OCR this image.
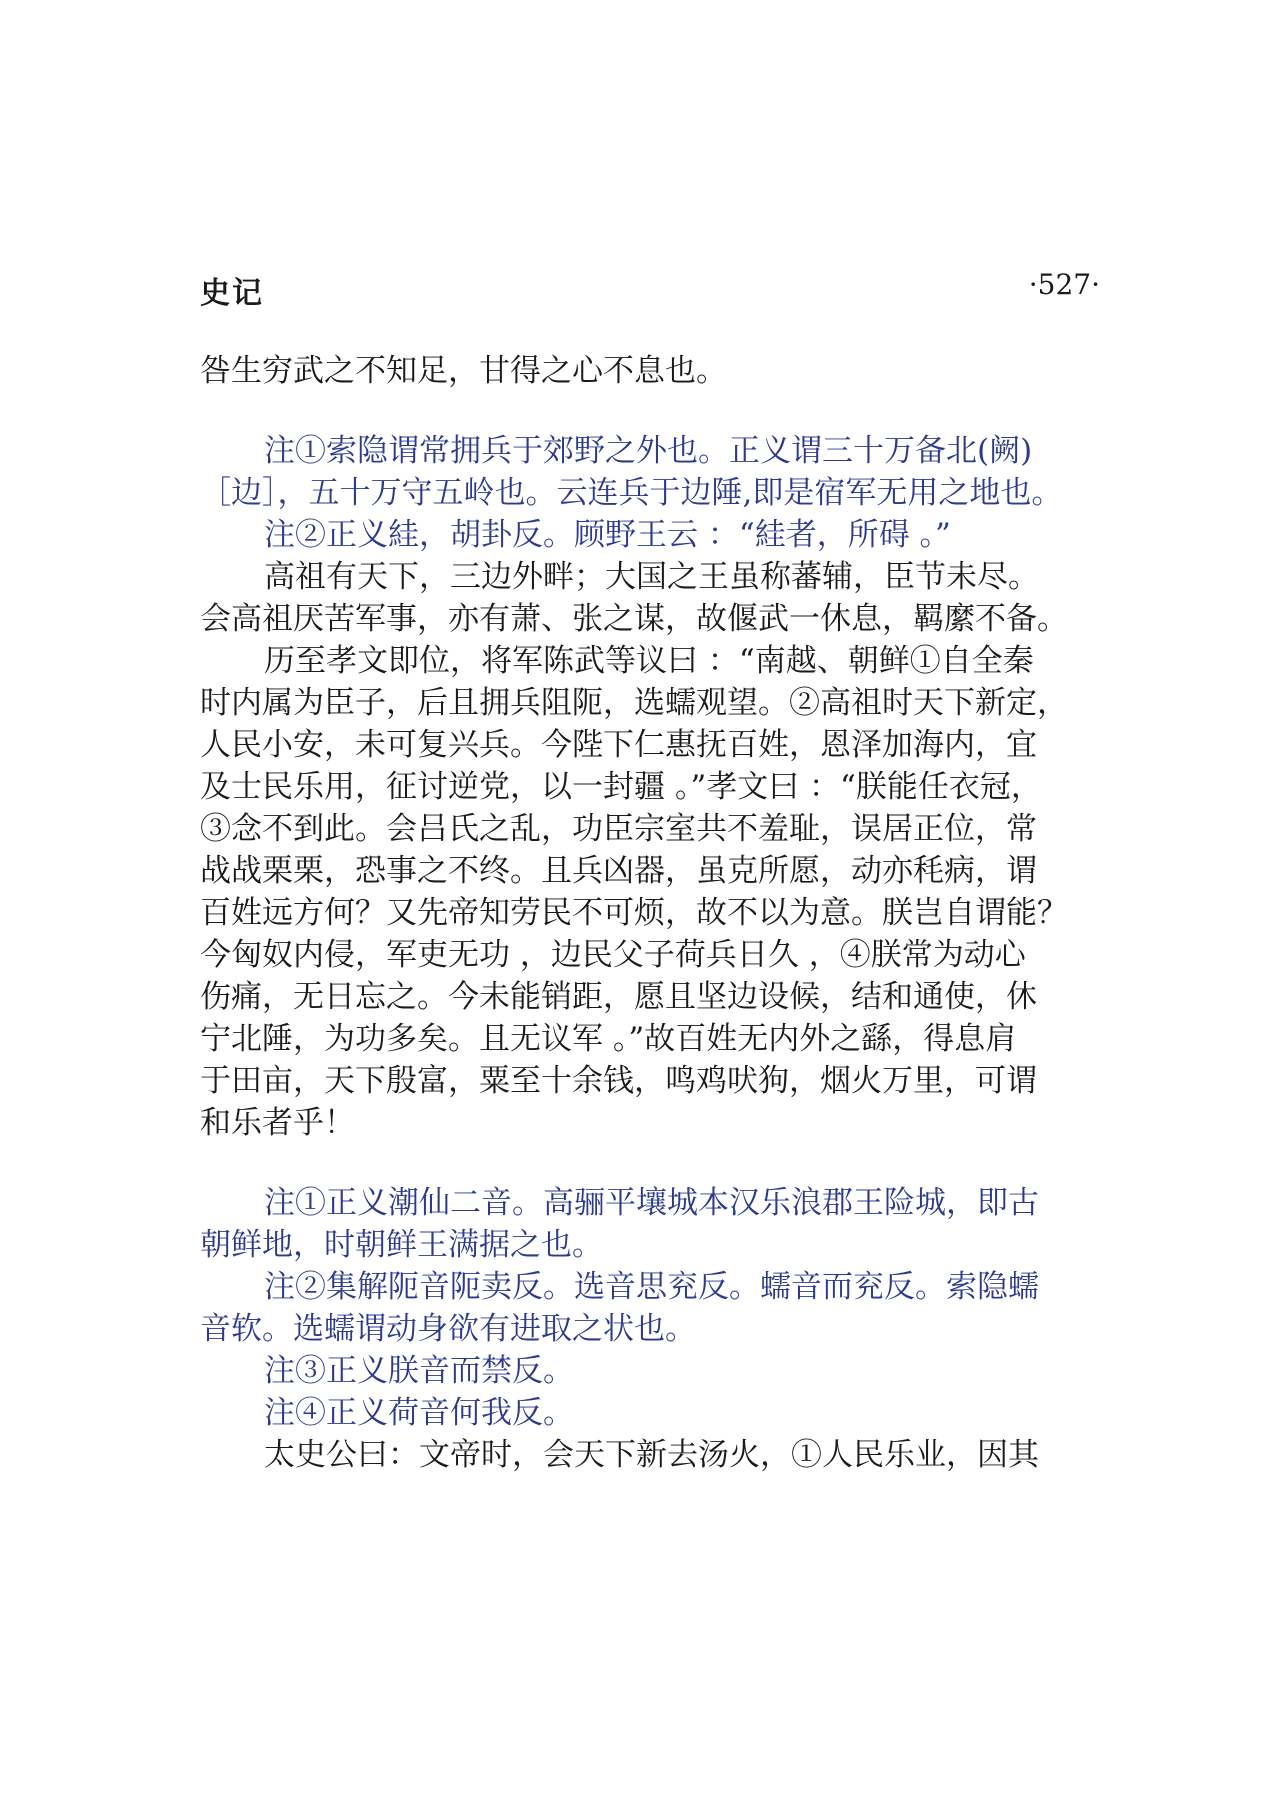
史记	·527·
咎生穷武之不知足，甘得之心不息也。
注①索隐谓常拥兵于郊野之外也。正义谓三十万备北(阙)
［边］，五十万守五岭也。云连兵于边陲,即是宿军无用之地也。
注②正义絓，胡卦反。顾野王云 ：“絓者，所碍 。”
高祖有天下，三边外畔；大国之王虽称蕃辅，臣节未尽。
会高祖厌苦军事，亦有萧、张之谋，故偃武一休息，羁縻不备。
历至孝文即位，将军陈武等议曰 ：“南越、朝鲜①自全秦
时内属为臣子，后且拥兵阻阨，选蠕观望。②高祖时天下新定，
人民小安，未可复兴兵。今陛下仁惠抚百姓，恩泽加海内，宜
及士民乐用，征讨逆党，以一封疆 。”孝文曰 ：“朕能任衣冠，
③念不到此。会吕氏之乱，功臣宗室共不羞耻，误居正位，常
战战栗栗，恐事之不终。且兵凶器，虽克所愿，动亦秏病，谓
百姓远方何？又先帝知劳民不可烦，故不以为意。朕岂自谓能？
今匈奴内侵，军吏无功 ，边民父子荷兵日久 ，④朕常为动心
伤痛，无日忘之。今未能销距，愿且坚边设候，结和通使，休
宁北陲，为功多矣。且无议军 。”故百姓无内外之繇，得息肩
于田亩，天下殷富，粟至十余钱，鸣鸡吠狗，烟火万里，可谓
和乐者乎！
注①正义潮仙二音。高骊平壤城本汉乐浪郡王险城，即古
朝鲜地，时朝鲜王满据之也。
注②集解阨音阨卖反。选音思兖反。蠕音而兖反。索隐蠕
音软。选蠕谓动身欲有进取之状也。
注③正义朕音而禁反。
注④正义荷音何我反。
太史公曰：文帝时，会天下新去汤火，①人民乐业，因其
